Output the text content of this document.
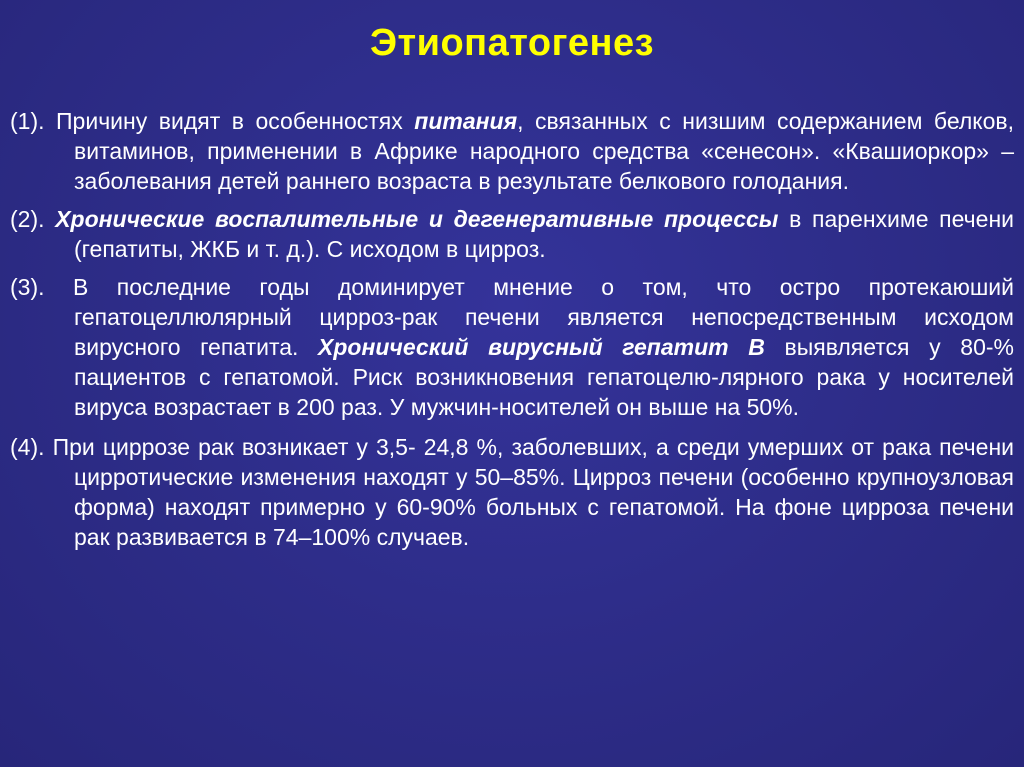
Этиопатогенез
(1). Причину видят в особенностях питания, связанных с низшим содержанием белков, витаминов, применении в Африке народного средства «сенесон». «Квашиоркор» – заболевания детей раннего возраста в результате белкового голодания.
(2). Хронические воспалительные и дегенеративные процессы в паренхиме печени (гепатиты, ЖКБ и т. д.). С исходом в цирроз.
(3). В последние годы доминирует мнение о том, что остро протекаюший гепатоцеллюлярный цирроз-рак печени является непосредственным исходом вирусного гепатита. Хронический вирусный гепатит В выявляется у 80-% пациентов с гепатомой. Риск возникновения гепатоцелю-лярного рака у носителей вируса возрастает в 200 раз. У мужчин-носителей он выше на 50%.
(4). При циррозе рак возникает у 3,5- 24,8 %, заболевших, а среди умерших от рака печени цирротические изменения находят у 50–85%. Цирроз печени (особенно крупноузловая форма) находят примерно у 60-90% больных с гепатомой. На фоне цирроза печени рак развивается в 74–100% случаев.
